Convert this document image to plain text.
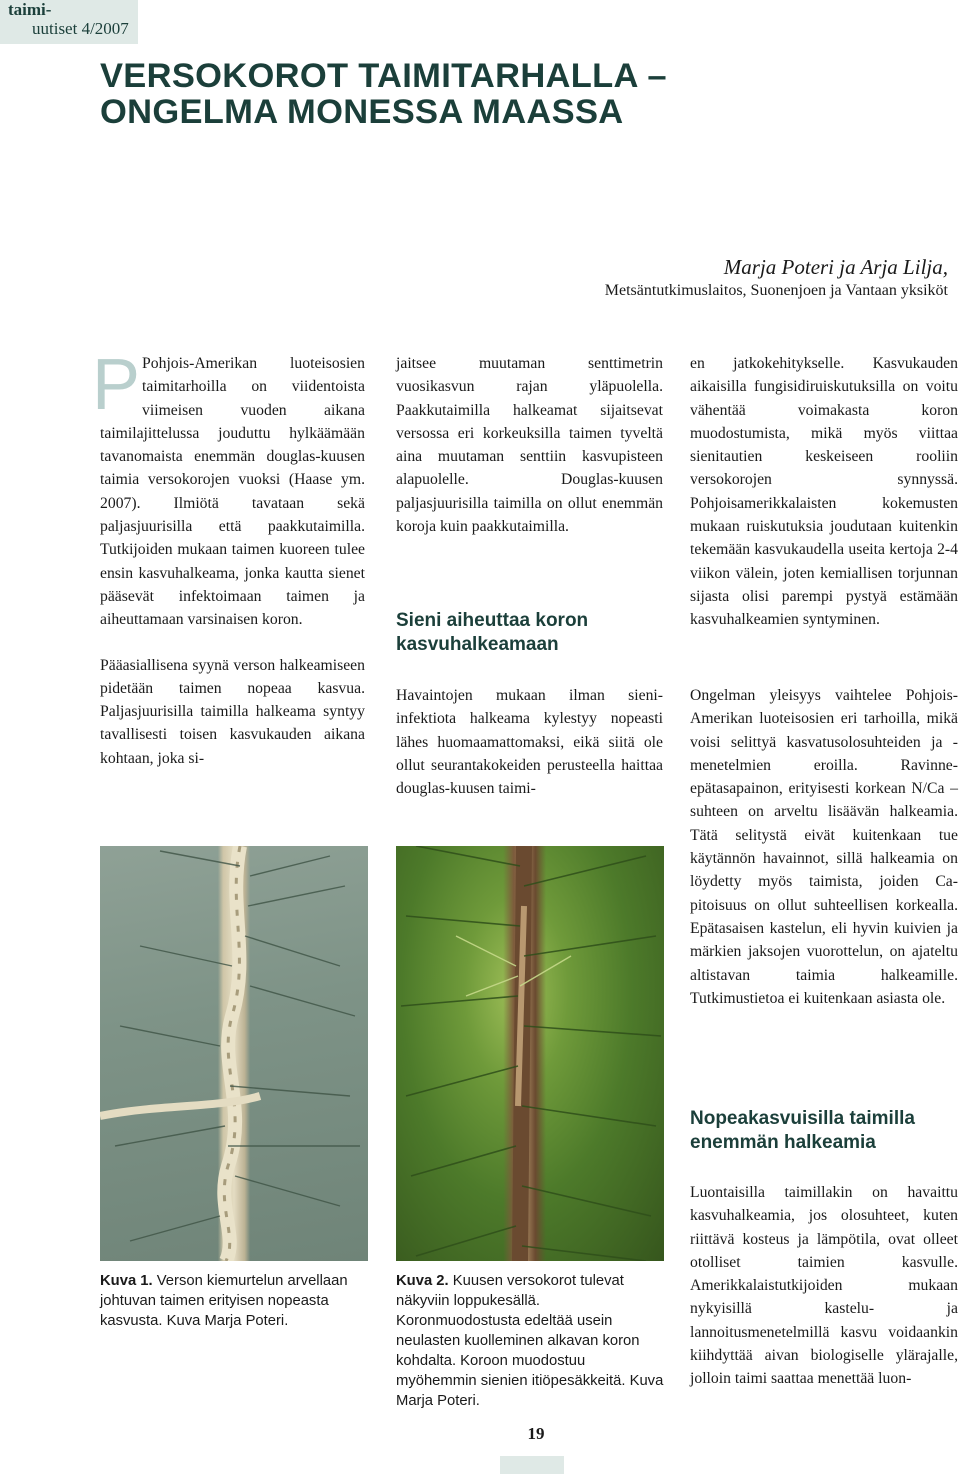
taimi-
uutiset 4/2007
VERSOKOROT TAIMITARHALLA –
ONGELMA MONESSA MAASSA
Marja Poteri ja Arja Lilja,
Metsäntutkimuslaitos, Suonenjoen ja Vantaan yksiköt

P Pohjois-Amerikan luoteisosien taimitarhoilla on viidentoista viimeisen vuoden aikana taimilajittelussa jouduttu hylkäämään tavanomaista enemmän douglas-kuusen taimia versokorojen vuoksi (Haase ym. 2007). Ilmiötä tavataan sekä paljasjuurisilla että paakkutaimilla. Tutkijoiden mukaan taimen kuoreen tulee ensin kasvuhalkeama, jonka kautta sienet pääsevät infektoimaan taimen ja aiheuttamaan varsinaisen koron.

Pääasiallisena syynä verson halkeamiseen pidetään taimen nopeaa kasvua. Paljasjuurisilla taimilla halkeama syntyy tavallisesti toisen kasvukauden aikana kohtaan, joka si-

jaitsee muutaman senttimetrin vuosikasvun rajan yläpuolella. Paakkutaimilla halkeamat sijaitsevat versossa eri korkeuksilla taimen tyveltä aina muutaman senttiin kasvupisteen alapuolelle. Douglas-kuusen paljasjuurisilla taimilla on ollut enemmän koroja kuin paakkutaimilla.

Sieni aiheuttaa koron kasvuhalkeamaan

Havaintojen mukaan ilman sieni-infektiota halkeama kylestyy nopeasti lähes huomaamattomaksi, eikä siitä ole ollut seurantakokeiden perusteella haittaa douglas-kuusen taimi-

en jatkokehitykselle. Kasvukauden aikaisilla fungisidiruiskutuksilla on voitu vähentää voimakasta koron muodostumista, mikä myös viittaa sienitautien keskeiseen rooliin versokorojen synnyssä. Pohjoisamerikkalaisten kokemusten mukaan ruiskutuksia joudutaan kuitenkin tekemään kasvukaudella useita kertoja 2-4 viikon välein, joten kemiallisen torjunnan sijasta olisi parempi pystyä estämään kasvuhalkeamien syntyminen.

Ongelman yleisyys vaihtelee Pohjois-Amerikan luoteisosien eri tarhoilla, mikä voisi selittyä kasvatusolosuhteiden ja -menetelmien eroilla. Ravinne-epätasapainon, erityisesti korkean N/Ca –suhteen on arveltu lisäävän halkeamia. Tätä selitystä eivät kuitenkaan tue käytännön havainnot, sillä halkeamia on löydetty myös taimista, joiden Ca-pitoisuus on ollut suhteellisen korkealla. Epätasaisen kastelun, eli hyvin kuivien ja märkien jaksojen vuorottelun, on ajateltu altistavan taimia halkeamille. Tutkimustietoa ei kuitenkaan asiasta ole.

Nopeakasvuisilla taimilla enemmän halkeamia

Luontaisilla taimillakin on havaittu kasvuhalkeamia, jos olosuhteet, kuten riittävä kosteus ja lämpötila, ovat olleet otolliset taimien kasvulle. Amerikkalaistutkijoiden mukaan nykyisillä kastelu- ja lannoitusmenetelmillä kasvu voidaankin kiihdyttää aivan biologiselle ylärajalle, jolloin taimi saattaa menettää luon-

Kuva 1. Verson kiemurtelun arvellaan johtuvan taimen erityisen nopeasta kasvusta. Kuva Marja Poteri.

Kuva 2. Kuusen versokorot tulevat näkyviin loppukesällä. Koronmuodostusta edeltää usein neulasten kuolleminen alkavan koron kohdalta. Koroon muodostuu myöhemmin sienien itiöpesäkkeitä. Kuva Marja Poteri.

19
